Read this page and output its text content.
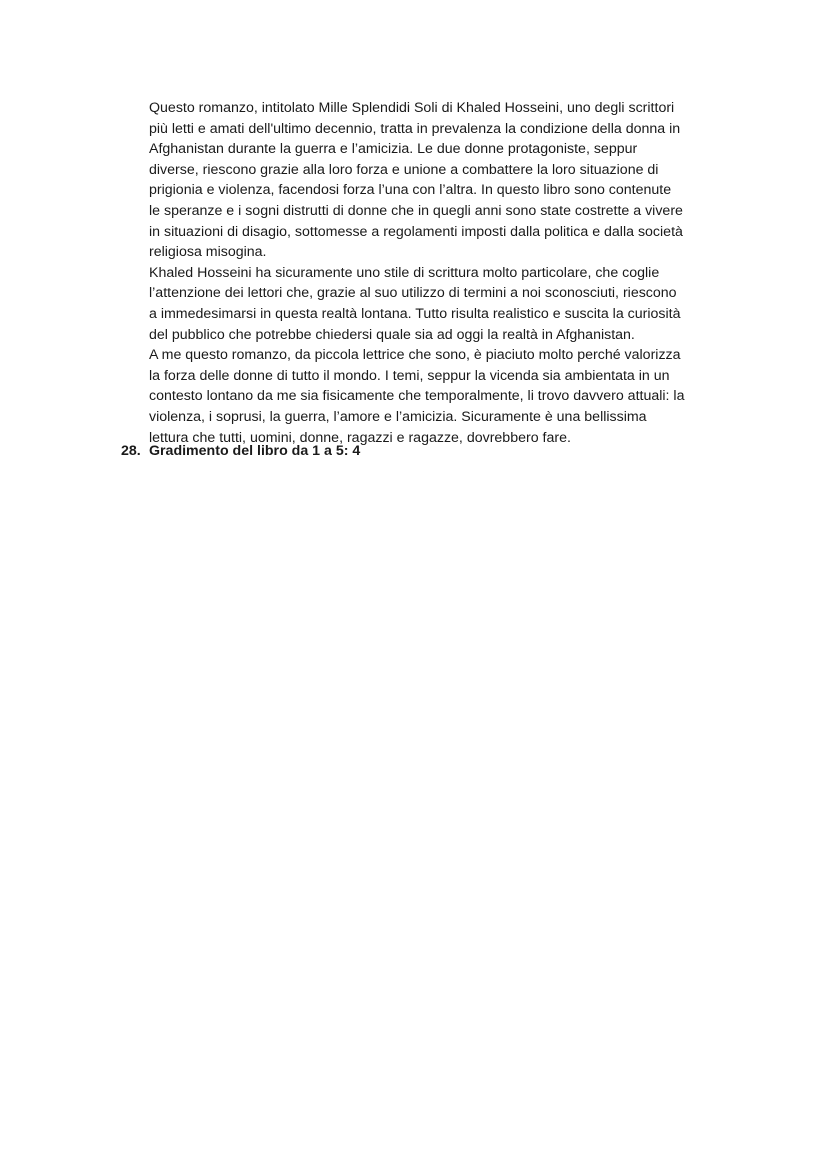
Questo romanzo, intitolato Mille Splendidi Soli di Khaled Hosseini, uno degli scrittori
più letti e amati dell'ultimo decennio, tratta in prevalenza la condizione della donna in
Afghanistan durante la guerra e l’amicizia. Le due donne protagoniste, seppur
diverse, riescono grazie alla loro forza e unione a combattere la loro situazione di
prigionia e violenza, facendosi forza l’una con l’altra. In questo libro sono contenute
le speranze e i sogni distrutti di donne che in quegli anni sono state costrette a vivere
in situazioni di disagio, sottomesse a regolamenti imposti dalla politica e dalla società
religiosa misogina.
Khaled Hosseini ha sicuramente uno stile di scrittura molto particolare, che coglie
l’attenzione dei lettori che, grazie al suo utilizzo di termini a noi sconosciuti, riescono
a immedesimarsi in questa realtà lontana. Tutto risulta realistico e suscita la curiosità
del pubblico che potrebbe chiedersi quale sia ad oggi la realtà in Afghanistan.
A me questo romanzo, da piccola lettrice che sono, è piaciuto molto perché valorizza
la forza delle donne di tutto il mondo. I temi, seppur la vicenda sia ambientata in un
contesto lontano da me sia fisicamente che temporalmente, li trovo davvero attuali: la
violenza, i soprusi, la guerra, l’amore e l’amicizia. Sicuramente è una bellissima
lettura che tutti, uomini, donne, ragazzi e ragazze, dovrebbero fare.
28. Gradimento del libro da 1 a 5: 4
